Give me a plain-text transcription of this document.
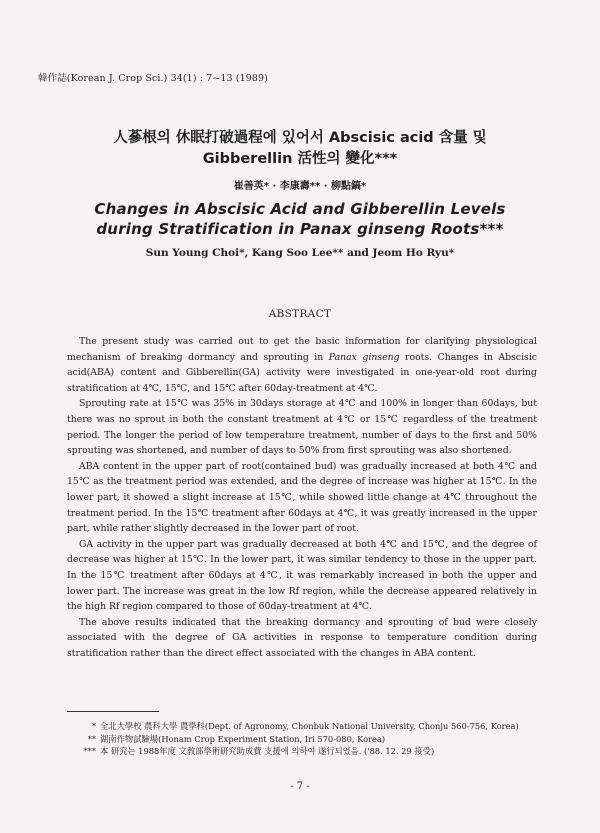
韓作誌(Korean J. Crop Sci.) 34(1) : 7~13 (1989)
人蔘根의 休眠打破過程에 있어서 Abscisic acid 含量 및
Gibberellin 活性의 變化***
崔善英* · 李康壽** · 柳點鎬*
Changes in Abscisic Acid and Gibberellin Levels
during Stratification in Panax ginseng Roots***
Sun Young Choi*, Kang Soo Lee** and Jeom Ho Ryu*
ABSTRACT

The present study was carried out to get the basic information for clarifying physiological mechanism of breaking dormancy and sprouting in Panax ginseng roots. Changes in Abscisic acid(ABA) content and Gibberellin(GA) activity were investigated in one-year-old root during stratification at 4℃, 15℃, and 15℃ after 60day-treatment at 4℃.

Sprouting rate at 15℃ was 35% in 30days storage at 4℃ and 100% in longer than 60days, but there was no sprout in both the constant treatment at 4℃ or 15℃ regardless of the treatment period. The longer the period of low temperature treatment, number of days to the first and 50% sprouting was shortened, and number of days to 50% from first sprouting was also shortened.

ABA content in the upper part of root(contained bud) was gradually increased at both 4℃ and 15℃ as the treatment period was extended, and the degree of increase was higher at 15℃. In the lower part, it showed a slight increase at 15℃, while showed little change at 4℃ throughout the treatment period. In the 15℃ treatment after 60days at 4℃, it was greatly increased in the upper part, while rather slightly decreased in the lower part of root.

GA activity in the upper part was gradually decreased at both 4℃ and 15℃, and the degree of decrease was higher at 15℃. In the lower part, it was similar tendency to those in the upper part. In the 15℃ treatment after 60days at 4℃, it was remarkably increased in both the upper and lower part. The increase was great in the low Rf region, while the decrease appeared relatively in the high Rf region compared to those of 60day-treatment at 4℃.

The above results indicated that the breaking dormancy and sprouting of bud were closely associated with the degree of GA activities in response to temperature condition during stratification rather than the direct effect associated with the changes in ABA content.

* 全北大學校 農科大學 農學科(Dept. of Agronomy, Chonbuk National University, Chonju 560-756, Korea)
** 湖南作物試驗場(Honam Crop Experiment Station, Iri 570-080, Korea)
*** 本 研究는 1988年度 文敎部學術研究助成費 支援에 의하여 遂行되었음. ('88. 12. 29 接受)
- 7 -
